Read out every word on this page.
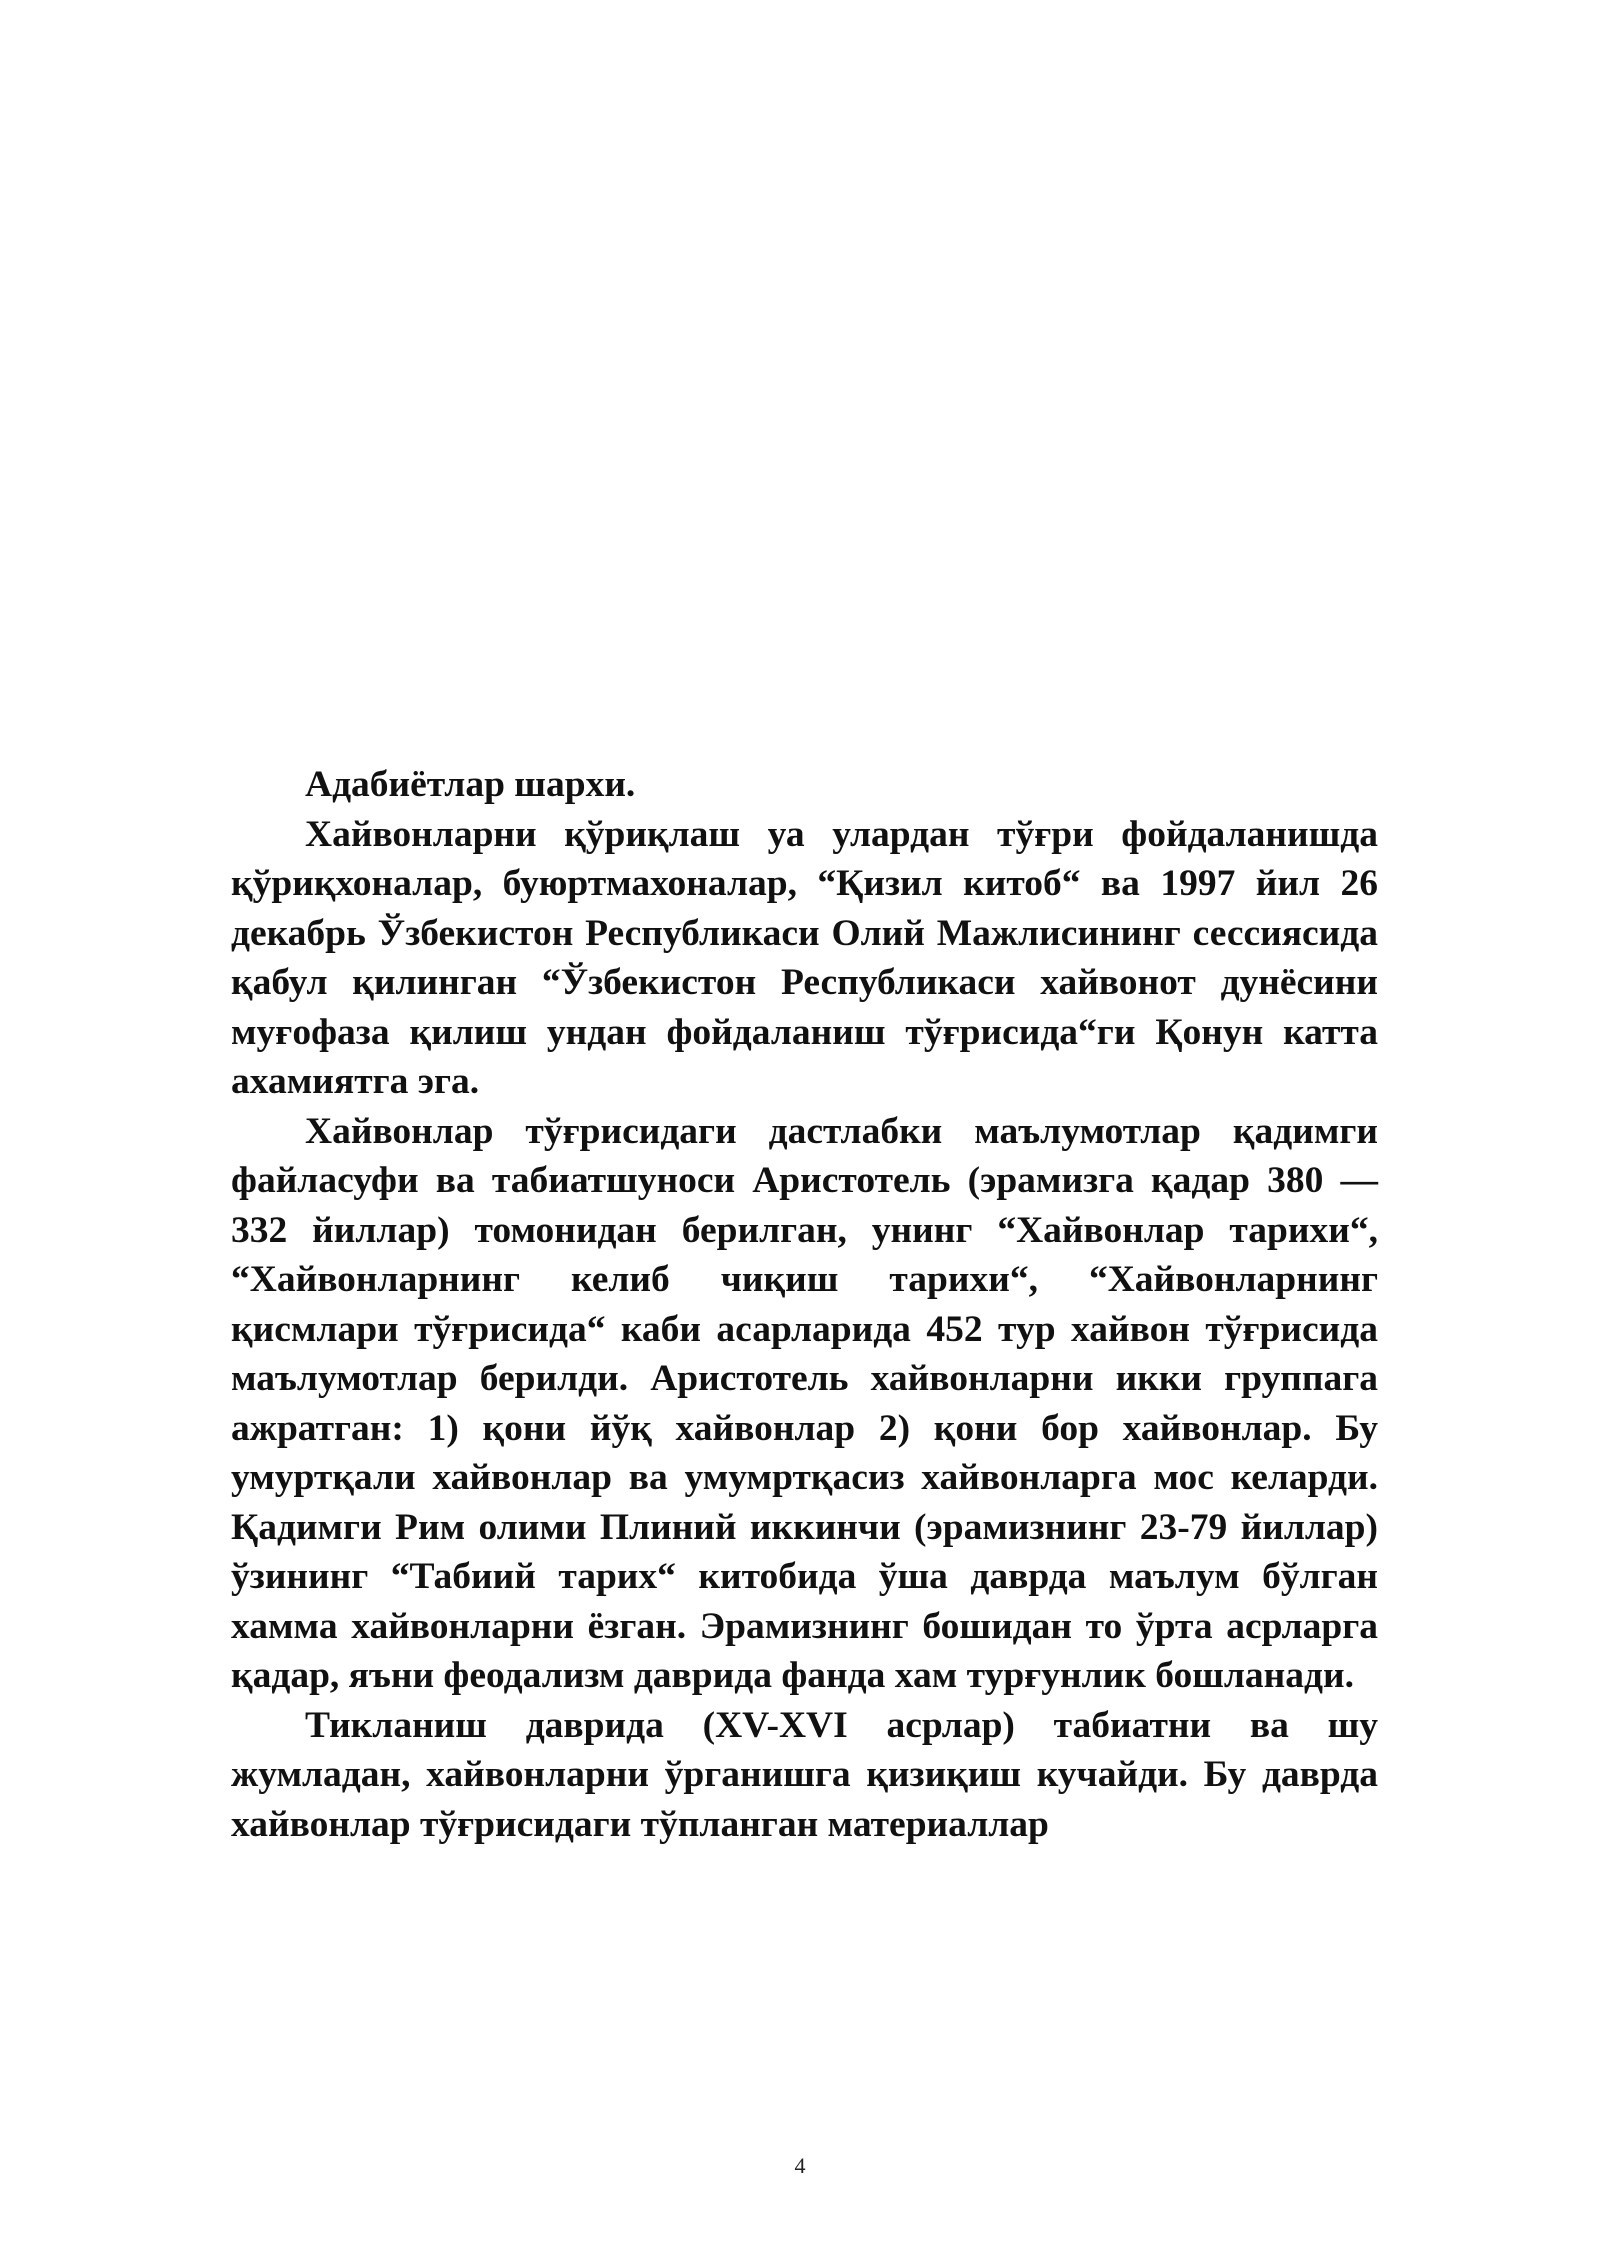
Адабиётлар шархи.

Хайвонларни қўриқлаш уа улардан тўғри фойдаланишда қўриқхоналар, буюртмахоналар, “Қизил китоб“ ва 1997 йил 26 декабрь Ўзбекистон Республикаси Олий Мажлисининг сессиясида қабул қилинган “Ўзбекистон Республикаси хайвонот дунёсини муғофаза қилиш ундан фойдаланиш тўғрисида“ги Қонун катта ахамиятга эга.

Хайвонлар тўғрисидаги дастлабки маълумотлар қадимги файласуфи ва табиатшуноси Аристотель (эрамизга қадар 380 — 332 йиллар) томонидан берилган, унинг “Хайвонлар тарихи“, “Хайвонларнинг келиб чиқиш тарихи“, “Хайвонларнинг қисмлари тўғрисида“ каби асарларида 452 тур хайвон тўғрисида маълумотлар берилди. Аристотель хайвонларни икки группага ажратган: 1) қони йўқ хайвонлар 2) қони бор хайвонлар. Бу умуртқали хайвонлар ва умумртқасиз хайвонларга мос келарди. Қадимги Рим олими Плиний иккинчи (эрамизнинг 23-79 йиллар) ўзининг “Табиий тарих“ китобида ўша даврда маълум бўлган хамма хайвонларни ёзган. Эрамизнинг бошидан то ўрта асрларга қадар, яъни феодализм даврида фанда хам турғунлик бошланади.

Тикланиш даврида (XV-XVI асрлар) табиатни ва шу жумладан, хайвонларни ўрганишга қизиқиш кучайди. Бу даврда хайвонлар тўғрисидаги тўпланган материаллар

4
